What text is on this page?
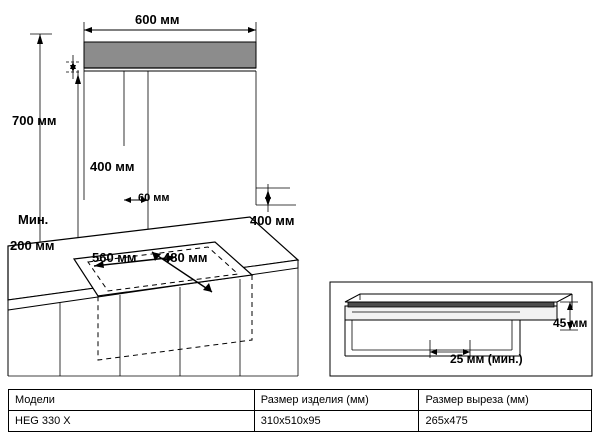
600 мм
700 мм
400 мм
60 мм
400 мм
Мин.
200 мм
560 мм 480 мм
45 мм
25 мм (мин.)
Модели	Размер изделия (мм)	Размер выреза (мм)
HEG 330 X	310x510x95	265x475
